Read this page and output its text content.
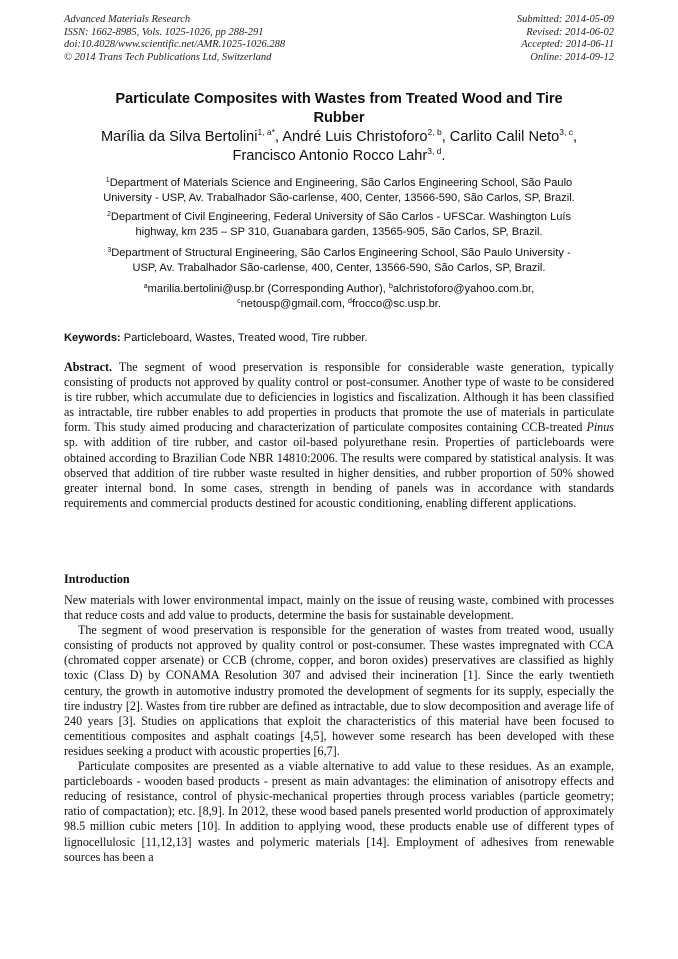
Advanced Materials Research
ISSN: 1662-8985, Vols. 1025-1026, pp 288-291
doi:10.4028/www.scientific.net/AMR.1025-1026.288
© 2014 Trans Tech Publications Ltd, Switzerland
Submitted: 2014-05-09
Revised: 2014-06-02
Accepted: 2014-06-11
Online: 2014-09-12
Particulate Composites with Wastes from Treated Wood and Tire
Rubber
Marília da Silva Bertolini$^{1, a*}$, André Luis Christoforo$^{2, b}$, Carlito Calil Neto$^{3, c}$,
Francisco Antonio Rocco Lahr$^{3, d}$.
$^1$Department of Materials Science and Engineering, São Carlos Engineering School, São Paulo
University - USP, Av. Trabalhador São-carlense, 400, Center, 13566-590, São Carlos, SP, Brazil.
$^2$Department of Civil Engineering, Federal University of São Carlos - UFSCar. Washington Luís
highway, km 235 – SP 310, Guanabara garden, 13565-905, São Carlos, SP, Brazil.
$^3$Department of Structural Engineering, São Carlos Engineering School, São Paulo University -
USP, Av. Trabalhador São-carlense, 400, Center, 13566-590, São Carlos, SP, Brazil.
$^a$marilia.bertolini@usp.br (Corresponding Author), $^b$alchristoforo@yahoo.com.br,
$^c$netousp@gmail.com, $^d$frocco@sc.usp.br.
Keywords: Particleboard, Wastes, Treated wood, Tire rubber.
Abstract. The segment of wood preservation is responsible for considerable waste generation, typically consisting of products not approved by quality control or post-consumer. Another type of waste to be considered is tire rubber, which accumulate due to deficiencies in logistics and fiscalization. Although it has been classified as intractable, tire rubber enables to add properties in products that promote the use of materials in particulate form. This study aimed producing and characterization of particulate composites containing CCB-treated Pinus sp. with addition of tire rubber, and castor oil-based polyurethane resin. Properties of particleboards were obtained according to Brazilian Code NBR 14810:2006. The results were compared by statistical analysis. It was observed that addition of tire rubber waste resulted in higher densities, and rubber proportion of 50% showed greater internal bond. In some cases, strength in bending of panels was in accordance with standards requirements and commercial products destined for acoustic conditioning, enabling different applications.
Introduction

New materials with lower environmental impact, mainly on the issue of reusing waste, combined with processes that reduce costs and add value to products, determine the basis for sustainable development.

The segment of wood preservation is responsible for the generation of wastes from treated wood, usually consisting of products not approved by quality control or post-consumer. These wastes impregnated with CCA (chromated copper arsenate) or CCB (chrome, copper, and boron oxides) preservatives are classified as highly toxic (Class D) by CONAMA Resolution 307 and advised their incineration [1]. Since the early twentieth century, the growth in automotive industry promoted the development of segments for its supply, especially the tire industry [2]. Wastes from tire rubber are defined as intractable, due to slow decomposition and average life of 240 years [3]. Studies on applications that exploit the characteristics of this material have been focused to cementitious composites and asphalt coatings [4,5], however some research has been developed with these residues seeking a product with acoustic properties [6,7].

Particulate composites are presented as a viable alternative to add value to these residues. As an example, particleboards - wooden based products - present as main advantages: the elimination of anisotropy effects and reducing of resistance, control of physic-mechanical properties through process variables (particle geometry; ratio of compactation); etc. [8,9]. In 2012, these wood based panels presented world production of approximately 98.5 million cubic meters [10]. In addition to applying wood, these products enable use of different types of lignocellulosic [11,12,13] wastes and polymeric materials [14]. Employment of adhesives from renewable sources has been a
